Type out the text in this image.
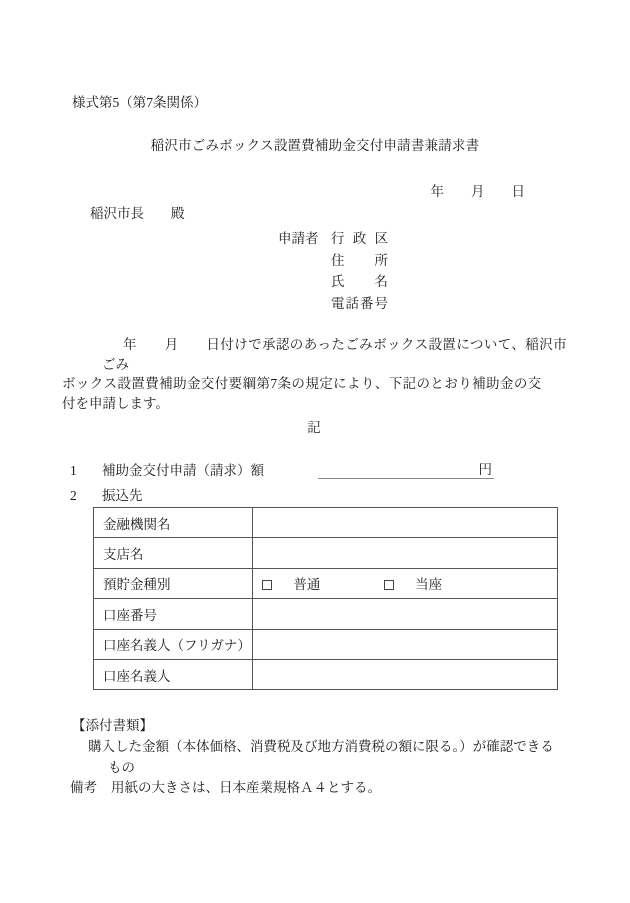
様式第5（第7条関係）
稲沢市ごみボックス設置費補助金交付申請書兼請求書
年　　月　　日
稲沢市長　　殿
申請者 行 政 区
住　所
氏　名
電話番号
年　　月　　日付けで承認のあったごみボックス設置について、稲沢市
ごみ
ボックス設置費補助金交付要綱第7条の規定により、下記のとおり補助金の交
付を申請します。
記
1 補助金交付申請（請求）額	円
2 振込先
金融機関名	
支店名	
預貯金種別	普通 当座
口座番号	
口座名義人（フリガナ）	
口座名義人	
【添付書類】
購入した金額（本体価格、消費税及び地方消費税の額に限る。）が確認できる
もの
備考 用紙の大きさは、日本産業規格Ａ４とする。
